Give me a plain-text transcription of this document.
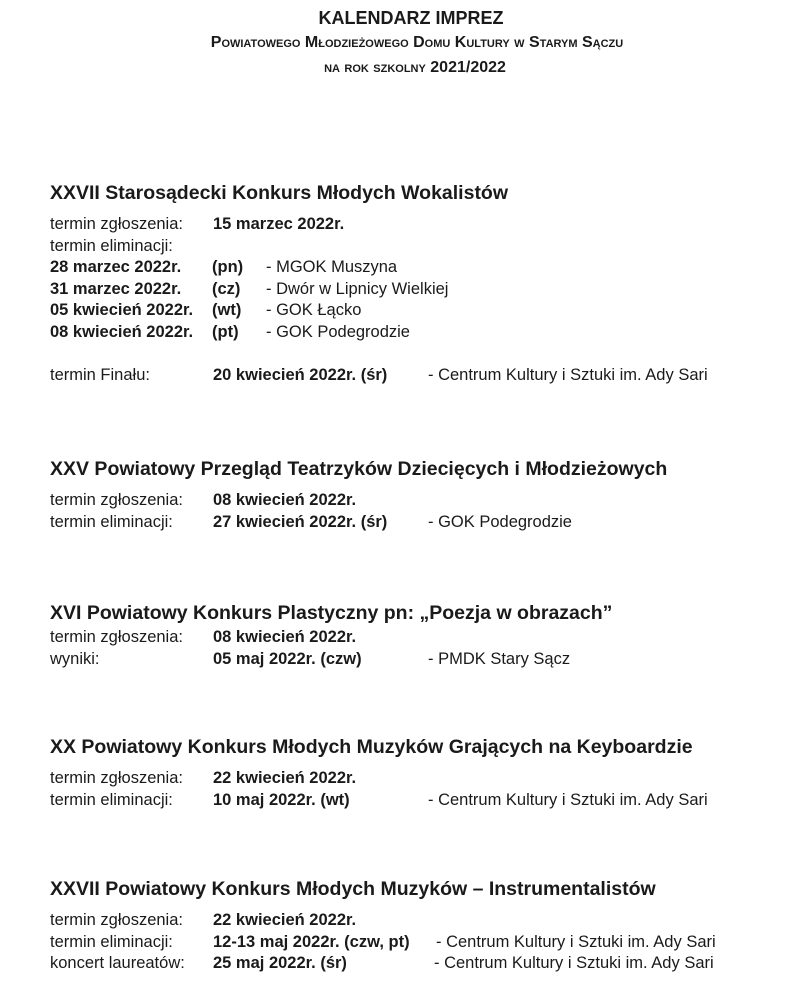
KALENDARZ IMPREZ
Powiatowego Młodzieżowego Domu Kultury w Starym Sączu
na rok szkolny 2021/2022
XXVII Starosądecki Konkurs Młodych Wokalistów
termin zgłoszenia: 15 marzec 2022r.
termin eliminacji:
28 marzec 2022r. (pn) - MGOK Muszyna
31 marzec 2022r. (cz) - Dwór w Lipnicy Wielkiej
05 kwiecień 2022r. (wt) - GOK Łącko
08 kwiecień 2022r. (pt) - GOK Podegrodzie
termin Finału:	20 kwiecień 2022r. (śr) - Centrum Kultury i Sztuki im. Ady Sari
XXV Powiatowy Przegląd Teatrzyków Dziecięcych i Młodzieżowych
termin zgłoszenia: 08 kwiecień 2022r.
termin eliminacji: 27 kwiecień 2022r. (śr) - GOK Podegrodzie
XVI Powiatowy Konkurs Plastyczny pn: „Poezja w obrazach”
termin zgłoszenia: 08 kwiecień 2022r.
wyniki:	05 maj 2022r. (czw)	- PMDK Stary Sącz
XX Powiatowy Konkurs Młodych Muzyków Grających na Keyboardzie
termin zgłoszenia: 22 kwiecień 2022r.
termin eliminacji: 10 maj 2022r. (wt)	- Centrum Kultury i Sztuki im. Ady Sari
XXVII Powiatowy Konkurs Młodych Muzyków – Instrumentalistów
termin zgłoszenia: 22 kwiecień 2022r.
termin eliminacji: 12-13 maj 2022r. (czw, pt) - Centrum Kultury i Sztuki im. Ady Sari
koncert laureatów: 25 maj 2022r. (śr)	- Centrum Kultury i Sztuki im. Ady Sari
